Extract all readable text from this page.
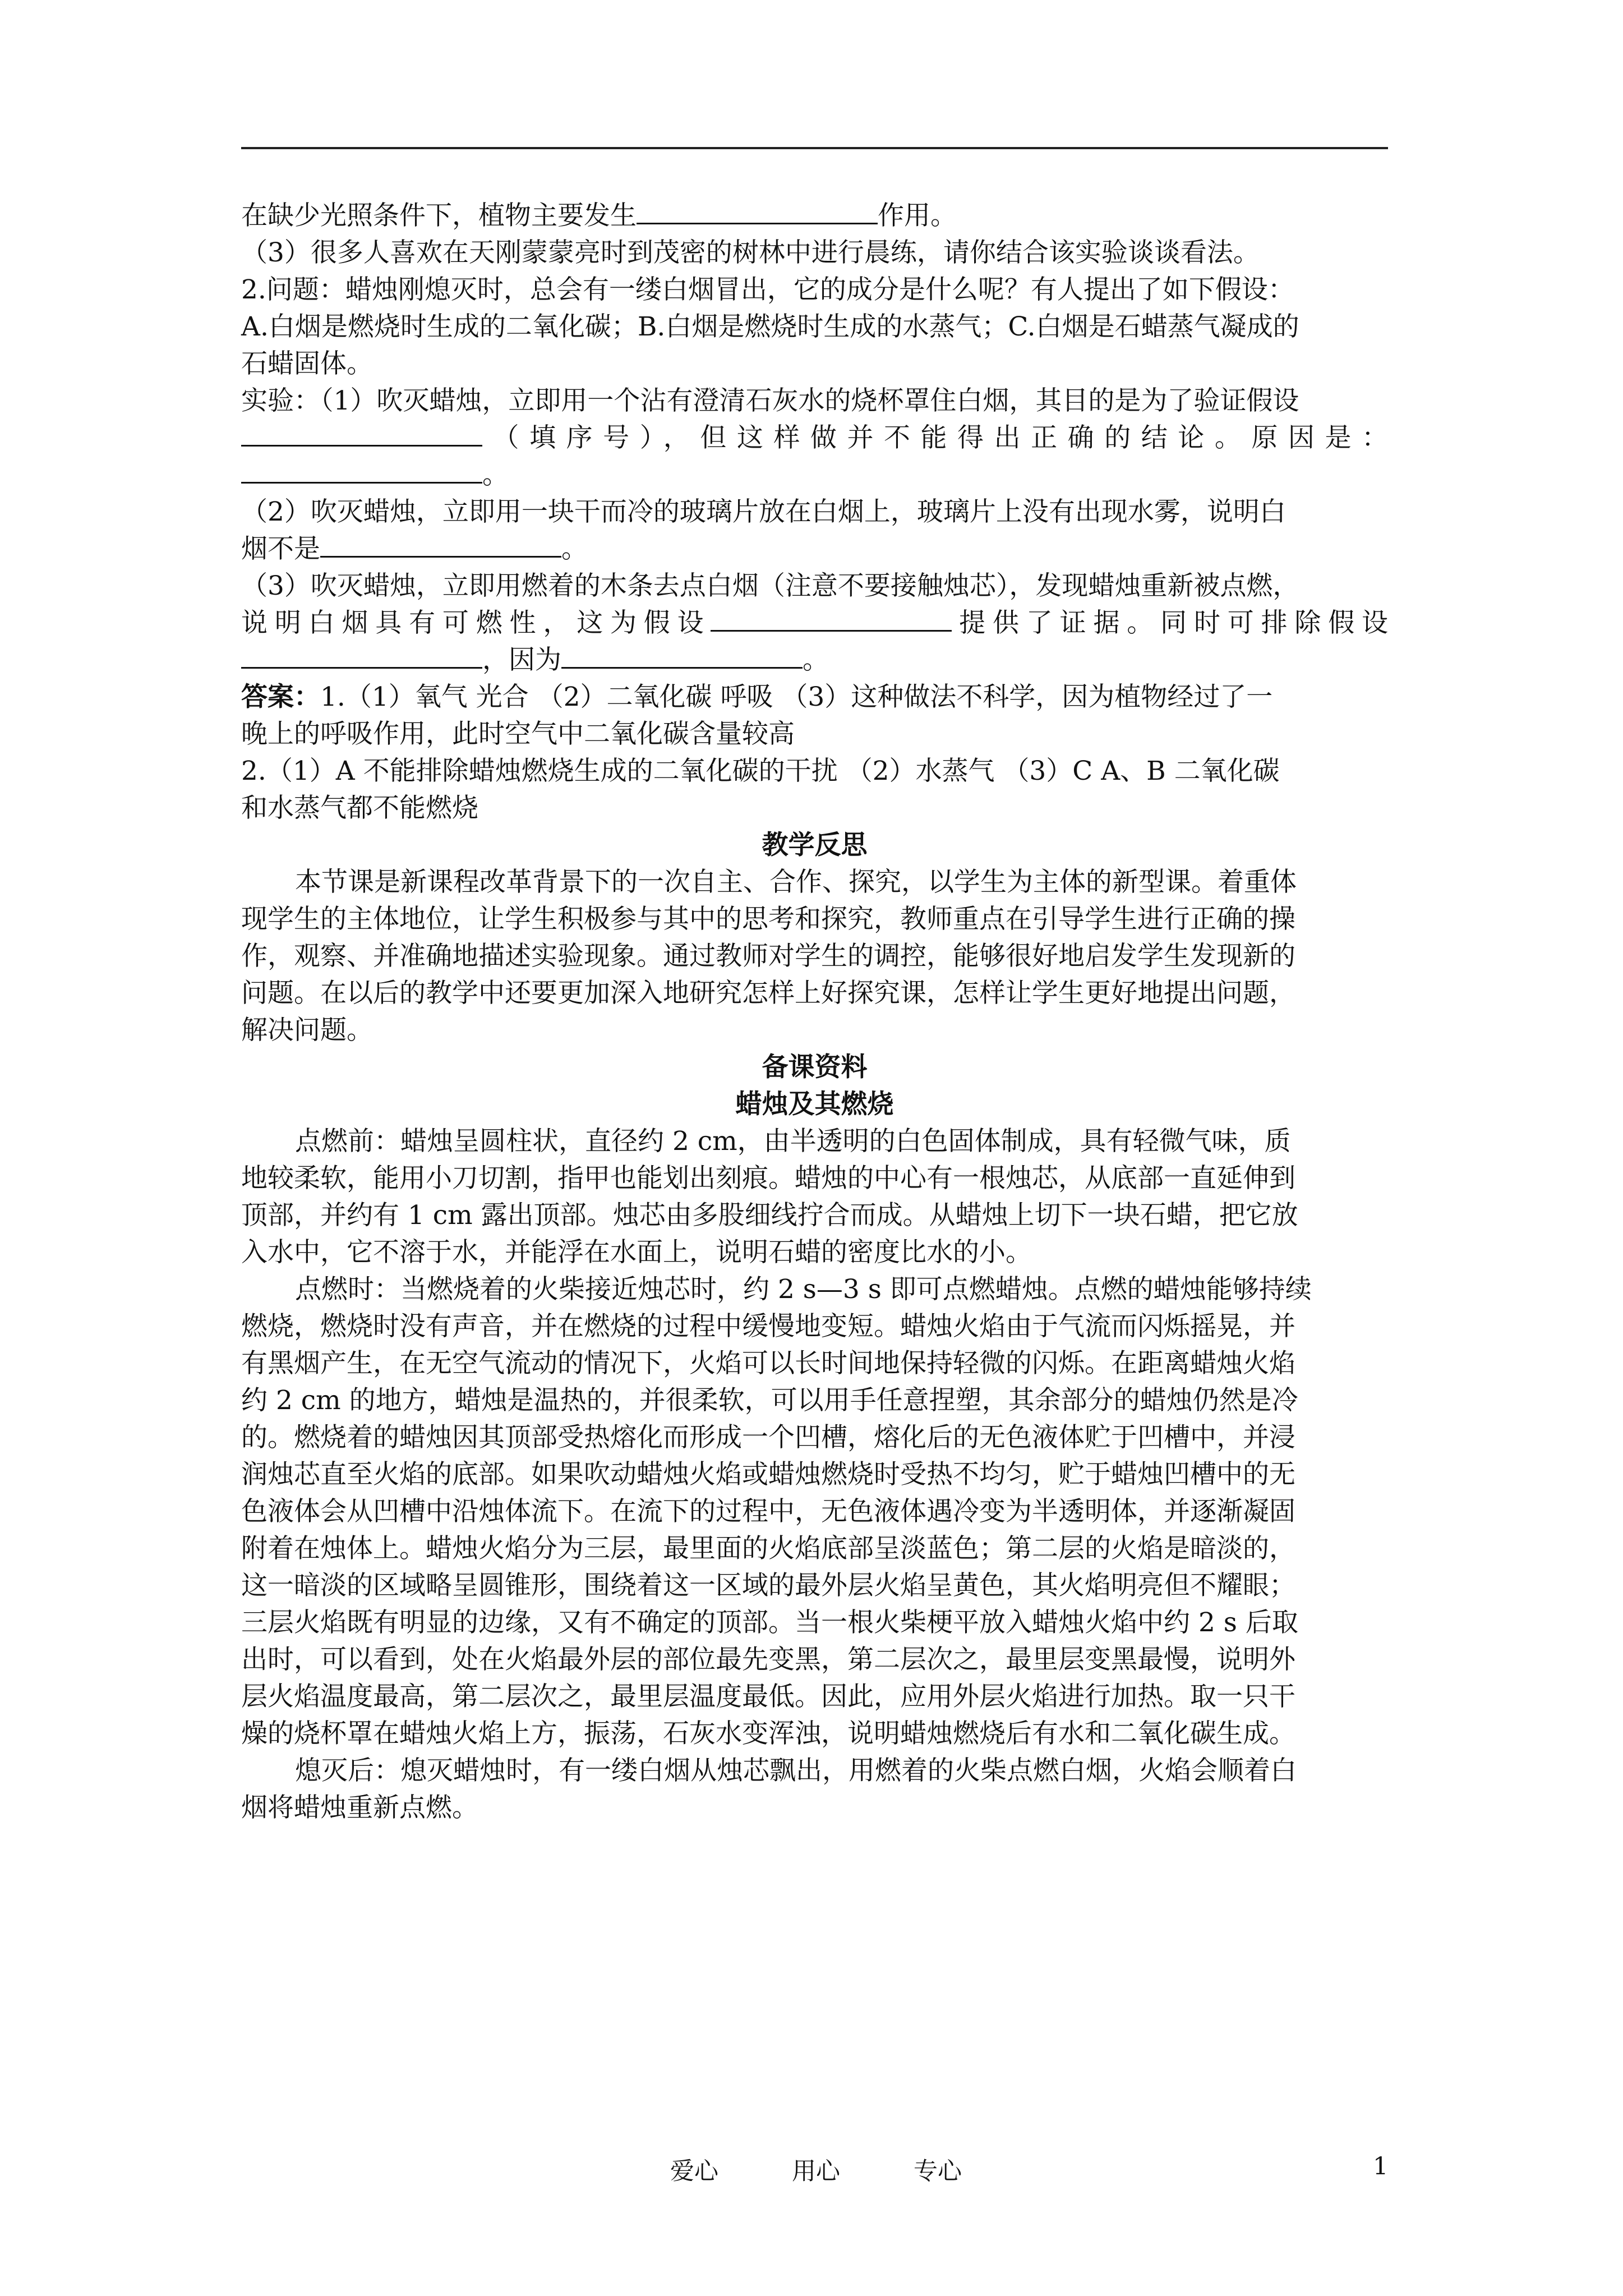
在缺少光照条件下，植物主要发生	作用。

（3）很多人喜欢在天刚蒙蒙亮时到茂密的树林中进行晨练，请你结合该实验谈谈看法。

2.问题：蜡烛刚熄灭时，总会有一缕白烟冒出，它的成分是什么呢？有人提出了如下假设：

A.白烟是燃烧时生成的二氧化碳；B.白烟是燃烧时生成的水蒸气；C.白烟是石蜡蒸气凝成的

石蜡固体。

实验：（1）吹灭蜡烛，立即用一个沾有澄清石灰水的烧杯罩住白烟，其目的是为了验证假设

（填序号），但这样做并不能得出正确的结论。原因是：

。

（2）吹灭蜡烛，立即用一块干而冷的玻璃片放在白烟上，玻璃片上没有出现水雾，说明白

烟不是	。

（3）吹灭蜡烛，立即用燃着的木条去点白烟（注意不要接触烛芯），发现蜡烛重新被点燃，

说明白烟具有可燃性，这为假设	提供了证据。同时可排除假设

，因为	。

答案：1.（1）氧气 光合 （2）二氧化碳 呼吸 （3）这种做法不科学，因为植物经过了一

晚上的呼吸作用，此时空气中二氧化碳含量较高

2.（1）A 不能排除蜡烛燃烧生成的二氧化碳的干扰 （2）水蒸气 （3）C A、B 二氧化碳

和水蒸气都不能燃烧

教学反思

本节课是新课程改革背景下的一次自主、合作、探究，以学生为主体的新型课。着重体

现学生的主体地位，让学生积极参与其中的思考和探究，教师重点在引导学生进行正确的操

作，观察、并准确地描述实验现象。通过教师对学生的调控，能够很好地启发学生发现新的

问题。在以后的教学中还要更加深入地研究怎样上好探究课，怎样让学生更好地提出问题，

解决问题。

备课资料

蜡烛及其燃烧

点燃前：蜡烛呈圆柱状，直径约 2 cm，由半透明的白色固体制成，具有轻微气味，质

地较柔软，能用小刀切割，指甲也能划出刻痕。蜡烛的中心有一根烛芯，从底部一直延伸到

顶部，并约有 1 cm 露出顶部。烛芯由多股细线拧合而成。从蜡烛上切下一块石蜡，把它放

入水中，它不溶于水，并能浮在水面上，说明石蜡的密度比水的小。

点燃时：当燃烧着的火柴接近烛芯时，约 2 s—3 s 即可点燃蜡烛。点燃的蜡烛能够持续

燃烧，燃烧时没有声音，并在燃烧的过程中缓慢地变短。蜡烛火焰由于气流而闪烁摇晃，并

有黑烟产生，在无空气流动的情况下，火焰可以长时间地保持轻微的闪烁。在距离蜡烛火焰

约 2 cm 的地方，蜡烛是温热的，并很柔软，可以用手任意捏塑，其余部分的蜡烛仍然是冷

的。燃烧着的蜡烛因其顶部受热熔化而形成一个凹槽，熔化后的无色液体贮于凹槽中，并浸

润烛芯直至火焰的底部。如果吹动蜡烛火焰或蜡烛燃烧时受热不均匀，贮于蜡烛凹槽中的无

色液体会从凹槽中沿烛体流下。在流下的过程中，无色液体遇冷变为半透明体，并逐渐凝固

附着在烛体上。蜡烛火焰分为三层，最里面的火焰底部呈淡蓝色；第二层的火焰是暗淡的，

这一暗淡的区域略呈圆锥形，围绕着这一区域的最外层火焰呈黄色，其火焰明亮但不耀眼；

三层火焰既有明显的边缘，又有不确定的顶部。当一根火柴梗平放入蜡烛火焰中约 2 s 后取

出时，可以看到，处在火焰最外层的部位最先变黑，第二层次之，最里层变黑最慢，说明外

层火焰温度最高，第二层次之，最里层温度最低。因此，应用外层火焰进行加热。取一只干

燥的烧杯罩在蜡烛火焰上方，振荡，石灰水变浑浊，说明蜡烛燃烧后有水和二氧化碳生成。

熄灭后：熄灭蜡烛时，有一缕白烟从烛芯飘出，用燃着的火柴点燃白烟，火焰会顺着白

烟将蜡烛重新点燃。

爱心	用心	专心	1
